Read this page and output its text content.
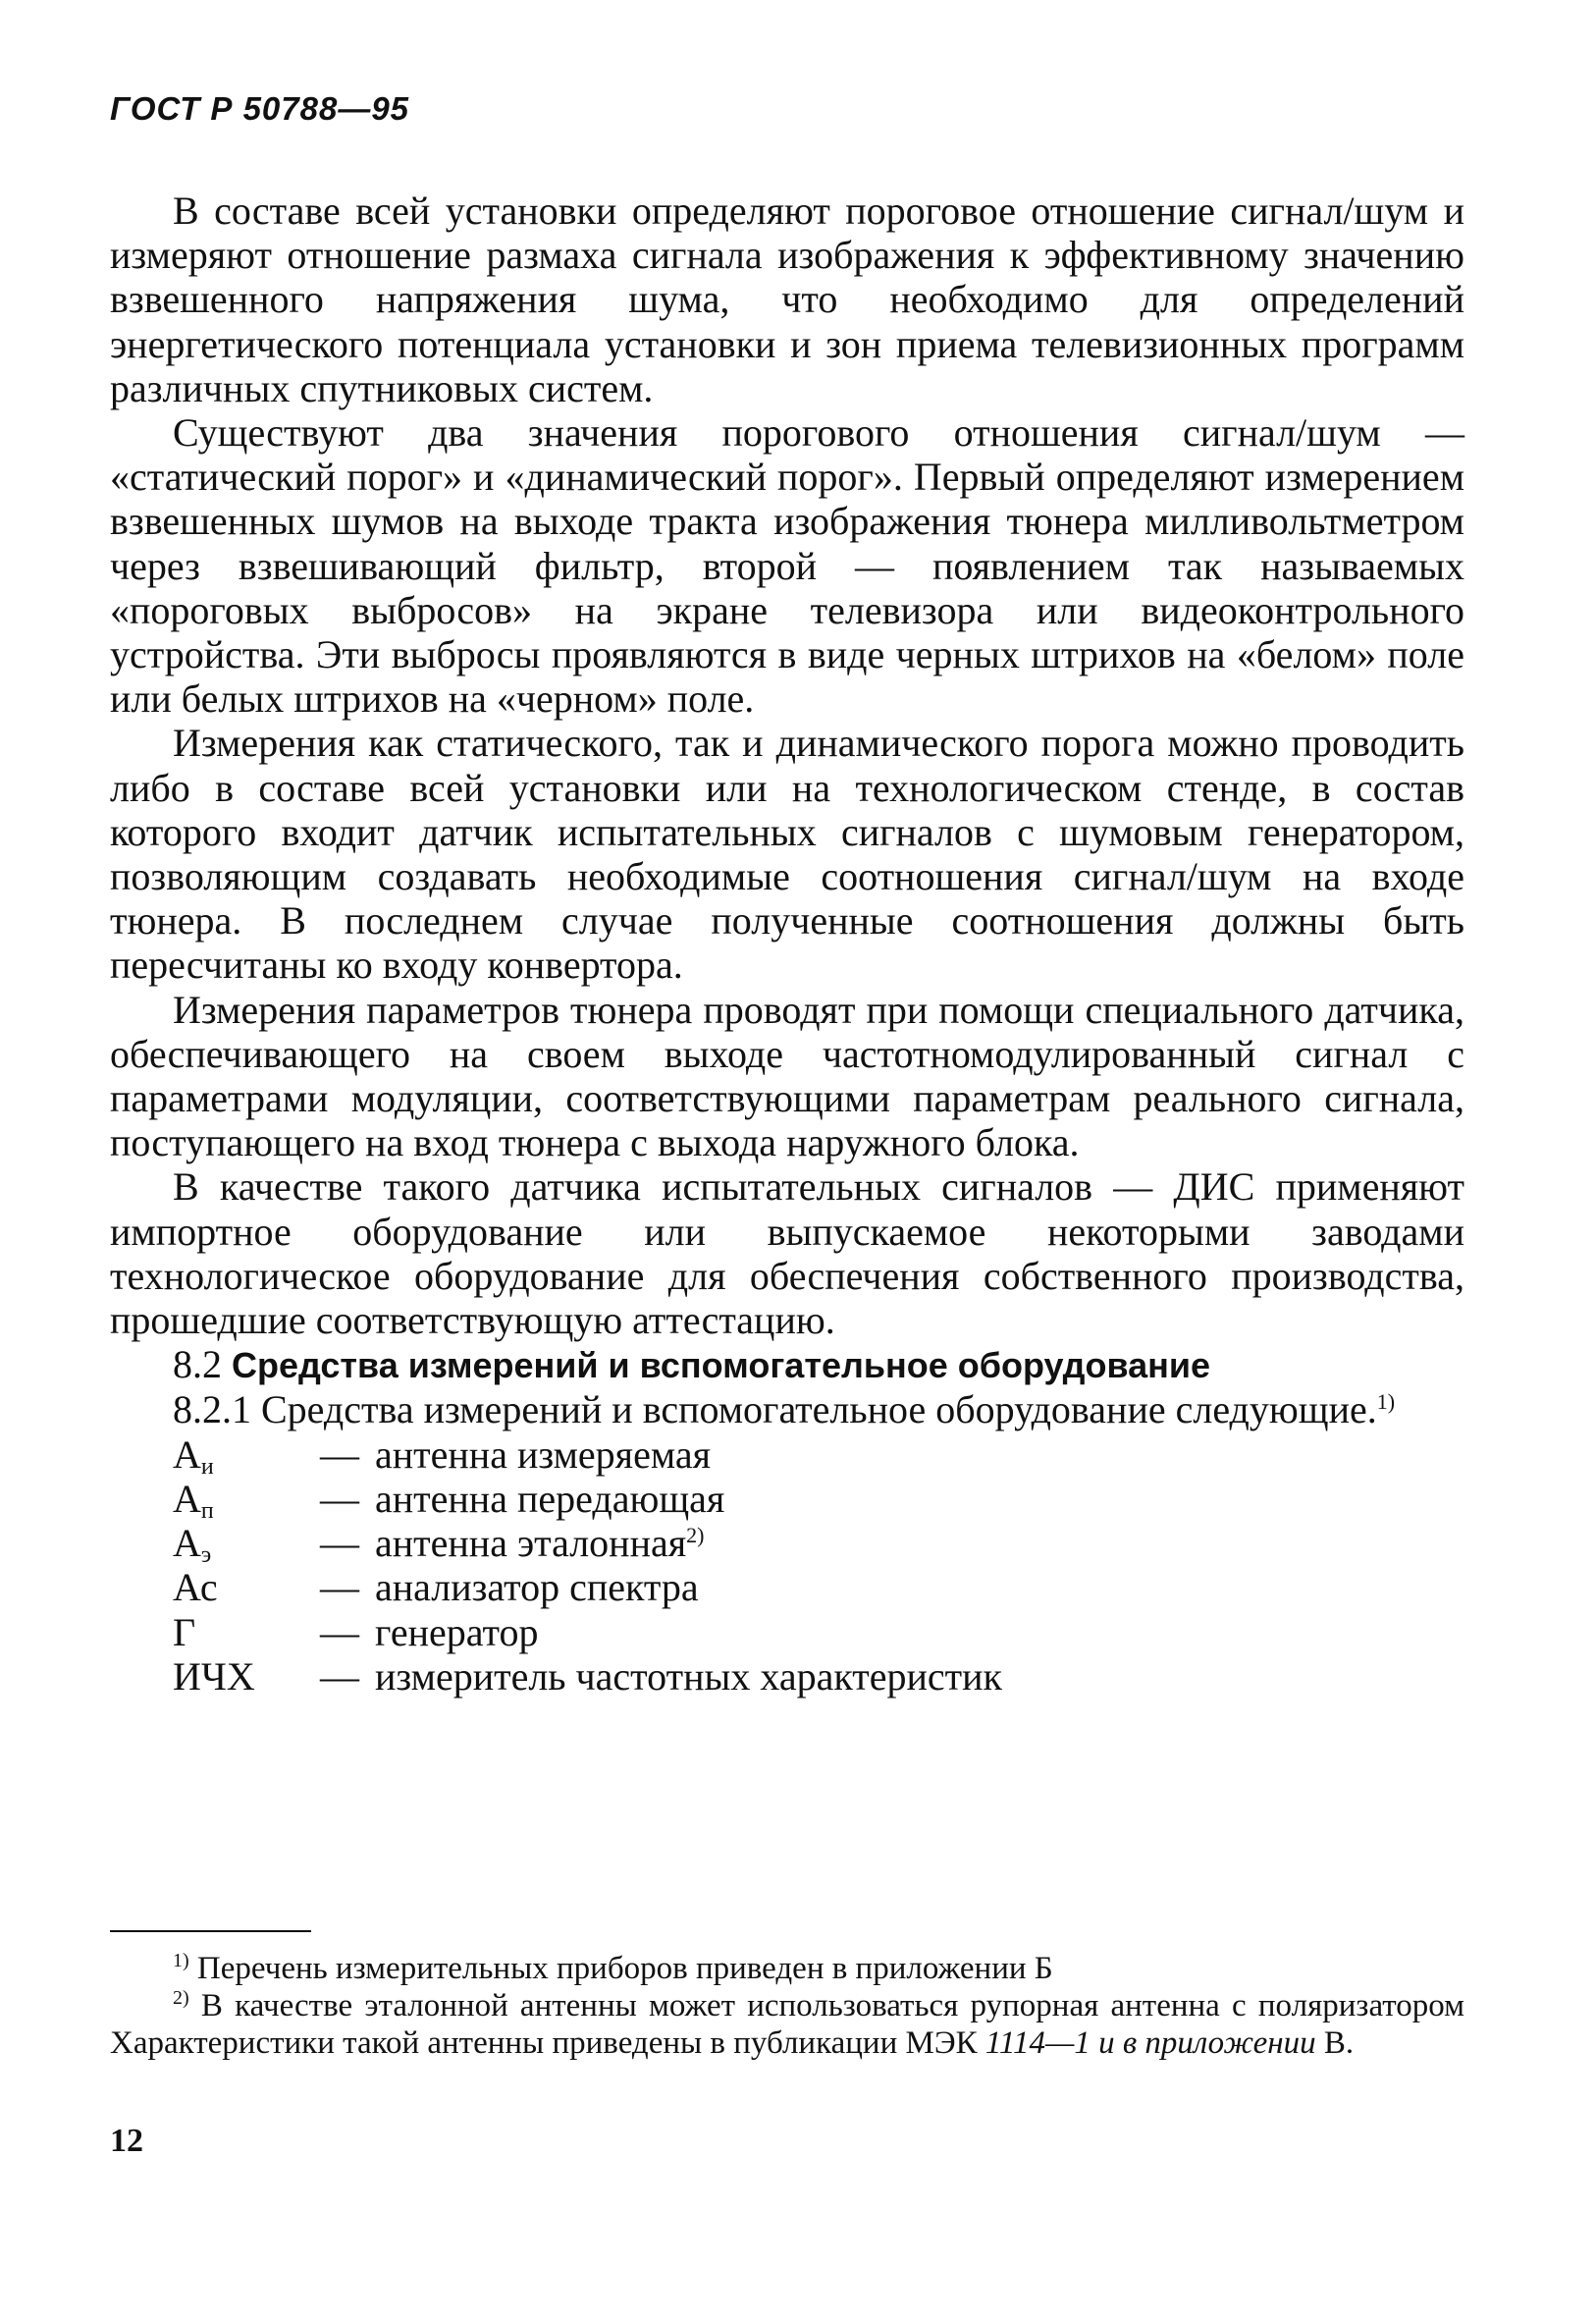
ГОСТ Р 50788—95

В составе всей установки определяют пороговое отношение сигнал/шум и измеряют отношение размаха сигнала изображения к эффективному значению взвешенного напряжения шума, что необходимо для определений энергетического потенциала установки и зон приема телевизионных программ различных спутниковых систем.

Существуют два значения порогового отношения сигнал/шум — «статический порог» и «динамический порог». Первый определяют измерением взвешенных шумов на выходе тракта изображения тюнера милливольтметром через взвешивающий фильтр, второй — появлением так называемых «пороговых выбросов» на экране телевизора или видеоконтрольного устройства. Эти выбросы проявляются в виде черных штрихов на «белом» поле или белых штрихов на «черном» поле.

Измерения как статического, так и динамического порога можно проводить либо в составе всей установки или на технологическом стенде, в состав которого входит датчик испытательных сигналов с шумовым генератором, позволяющим создавать необходимые соотношения сигнал/шум на входе тюнера. В последнем случае полученные соотношения должны быть пересчитаны ко входу конвертора.

Измерения параметров тюнера проводят при помощи специального датчика, обеспечивающего на своем выходе частотномодулированный сигнал с параметрами модуляции, соответствующими параметрам реального сигнала, поступающего на вход тюнера с выхода наружного блока.

В качестве такого датчика испытательных сигналов — ДИС применяют импортное оборудование или выпускаемое некоторыми заводами технологическое оборудование для обеспечения собственного производства, прошедшие соответствующую аттестацию.

8.2 Средства измерений и вспомогательное оборудование

8.2.1 Средства измерений и вспомогательное оборудование следующие.$^{1)}$

$А_и$	— антенна измеряемая
$А_п$	— антенна передающая
$А_э$	— антенна эталонная$^{2)}$
Ас	— анализатор спектра
Г	— генератор
ИЧХ	— измеритель частотных характеристик

$^{1)}$ Перечень измерительных приборов приведен в приложении Б

$^{2)}$ В качестве эталонной антенны может использоваться рупорная антенна с поляризатором Характеристики такой антенны приведены в публикации МЭК 1114—1 и в приложении В.

12
